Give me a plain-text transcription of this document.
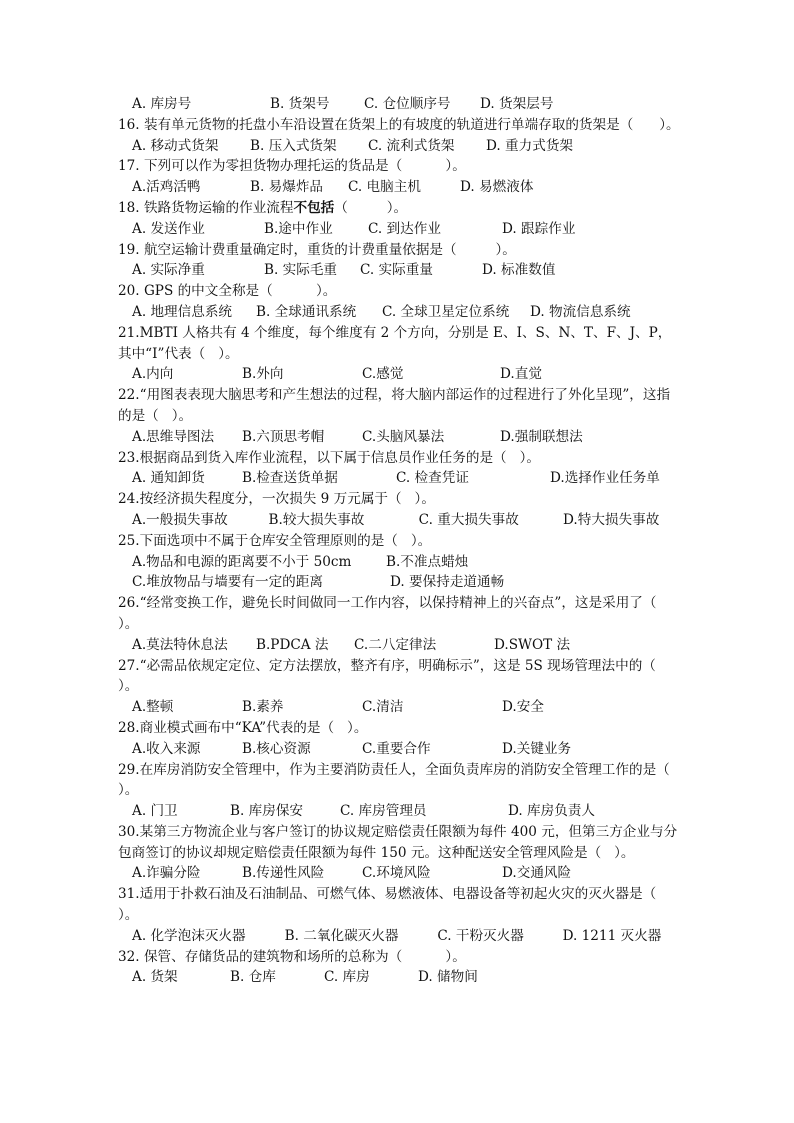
A. 库房号	B. 货架号	C. 仓位顺序号	D. 货架层号

16. 装有单元货物的托盘小车沿设置在货架上的有坡度的轨道进行单端存取的货架是（      ）。

A. 移动式货架	B. 压入式货架	C. 流利式货架	D. 重力式货架

17. 下列可以作为零担货物办理托运的货品是（          ）。

A.活鸡活鸭	B. 易爆炸品	C. 电脑主机	D. 易燃液体

18. 铁路货物运输的作业流程不包括（         ）。

A. 发送作业	B.途中作业	C. 到达作业	D. 跟踪作业

19. 航空运输计费重量确定时，重货的计费重量依据是（         ）。

A. 实际净重	B. 实际毛重	C. 实际重量	D. 标准数值

20. GPS 的中文全称是（          ）。

A. 地理信息系统	B. 全球通讯系统	C. 全球卫星定位系统	D. 物流信息系统

21.MBTI 人格共有 4 个维度，每个维度有 2 个方向，分别是 E、I、S、N、T、F、J、P，其中“I”代表（   ）。

A.内向	B.外向	C.感觉	D.直觉

22.“用图表表现大脑思考和产生想法的过程，将大脑内部运作的过程进行了外化呈现”，这指的是（   ）。

A.思维导图法	B.六顶思考帽	C.头脑风暴法	D.强制联想法

23.根据商品到货入库作业流程，以下属于信息员作业任务的是（   ）。

A. 通知卸货	B.检查送货单据	C. 检查凭证	D.选择作业任务单

24.按经济损失程度分，一次损失 9 万元属于（   ）。

A.一般损失事故	B.较大损失事故	C. 重大损失事故	D.特大损失事故

25.下面选项中不属于仓库安全管理原则的是（   ）。

A.物品和电源的距离要不小于 50cm	B.不准点蜡烛
C.堆放物品与墙要有一定的距离	D. 要保持走道通畅

26.“经常变换工作，避免长时间做同一工作内容，以保持精神上的兴奋点”，这是采用了（   ）。

A.莫法特休息法	B.PDCA 法	C.二八定律法	D.SWOT 法

27.“必需品依规定定位、定方法摆放，整齐有序，明确标示”，这是 5S 现场管理法中的（   ）。

A.整顿	B.素养	C.清洁	D.安全

28.商业模式画布中“KA”代表的是（   ）。

A.收入来源	B.核心资源	C.重要合作	D.关键业务

29.在库房消防安全管理中，作为主要消防责任人，全面负责库房的消防安全管理工作的是（   ）。

A. 门卫	B. 库房保安	C. 库房管理员	D. 库房负责人

30.某第三方物流企业与客户签订的协议规定赔偿责任限额为每件 400 元，但第三方企业与分包商签订的协议却规定赔偿责任限额为每件 150 元。这种配送安全管理风险是（   ）。

A.诈骗分险	B.传递性风险	C.环境风险	D.交通风险

31.适用于扑救石油及石油制品、可燃气体、易燃液体、电器设备等初起火灾的灭火器是（          ）。

A. 化学泡沫灭火器	B. 二氧化碳灭火器	C. 干粉灭火器	D. 1211 灭火器

32. 保管、存储货品的建筑物和场所的总称为（          ）。

A. 货架	B. 仓库	C. 库房	D. 储物间
